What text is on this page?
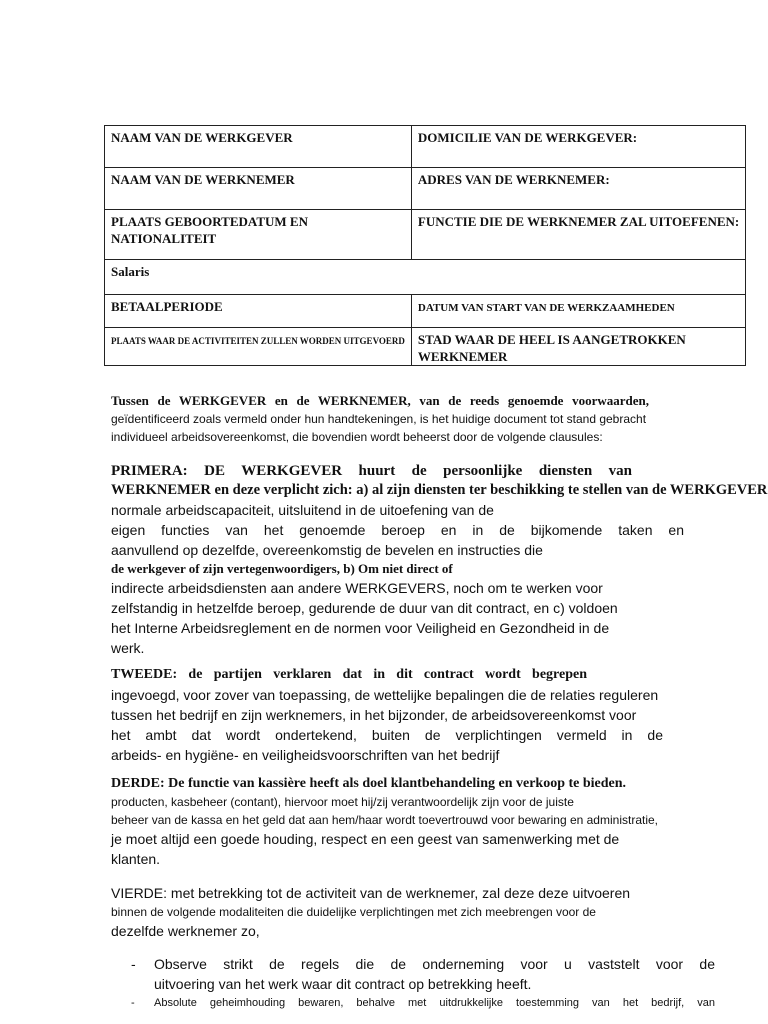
NAAM VAN DE WERKGEVER	DOMICILIE VAN DE WERKGEVER:
NAAM VAN DE WERKNEMER	ADRES VAN DE WERKNEMER:
PLAATS GEBOORTEDATUM EN
NATIONALITEIT	FUNCTIE DIE DE WERKNEMER ZAL UITOEFENEN:
Salaris	
BETAALPERIODE	DATUM VAN START VAN DE WERKZAAMHEDEN
PLAATS WAAR DE ACTIVITEITEN ZULLEN WORDEN UITGEVOERD	STAD WAAR DE HEEL IS AANGETROKKEN
WERKNEMER
Tussen de WERKGEVER en de WERKNEMER, van de reeds genoemde voorwaarden,
geïdentificeerd zoals vermeld onder hun handtekeningen, is het huidige document tot stand gebracht
individueel arbeidsovereenkomst, die bovendien wordt beheerst door de volgende clausules:
PRIMERA: DE WERKGEVER huurt de persoonlijke diensten van
WERKNEMER en deze verplicht zich: a) al zijn diensten ter beschikking te stellen van de WERKGEVER
normale arbeidscapaciteit, uitsluitend in de uitoefening van de
eigen functies van het genoemde beroep en in de bijkomende taken en
aanvullend op dezelfde, overeenkomstig de bevelen en instructies die
de werkgever of zijn vertegenwoordigers, b) Om niet direct of
indirecte arbeidsdiensten aan andere WERKGEVERS, noch om te werken voor
zelfstandig in hetzelfde beroep, gedurende de duur van dit contract, en c) voldoen
het Interne Arbeidsreglement en de normen voor Veiligheid en Gezondheid in de
werk.
TWEEDE: de partijen verklaren dat in dit contract wordt begrepen
ingevoegd, voor zover van toepassing, de wettelijke bepalingen die de relaties reguleren
tussen het bedrijf en zijn werknemers, in het bijzonder, de arbeidsovereenkomst voor
het ambt dat wordt ondertekend, buiten de verplichtingen vermeld in de
arbeids- en hygiëne- en veiligheidsvoorschriften van het bedrijf
DERDE: De functie van kassière heeft als doel klantbehandeling en verkoop te bieden.
producten, kasbeheer (contant), hiervoor moet hij/zij verantwoordelijk zijn voor de juiste
beheer van de kassa en het geld dat aan hem/haar wordt toevertrouwd voor bewaring en administratie,
je moet altijd een goede houding, respect en een geest van samenwerking met de
klanten.
VIERDE: met betrekking tot de activiteit van de werknemer, zal deze deze uitvoeren
binnen de volgende modaliteiten die duidelijke verplichtingen met zich meebrengen voor de
dezelfde werknemer zo,
- Observe strikt de regels die de onderneming voor u vaststelt voor de
uitvoering van het werk waar dit contract op betrekking heeft.
- Absolute geheimhouding bewaren, behalve met uitdrukkelijke toestemming van het bedrijf, van
